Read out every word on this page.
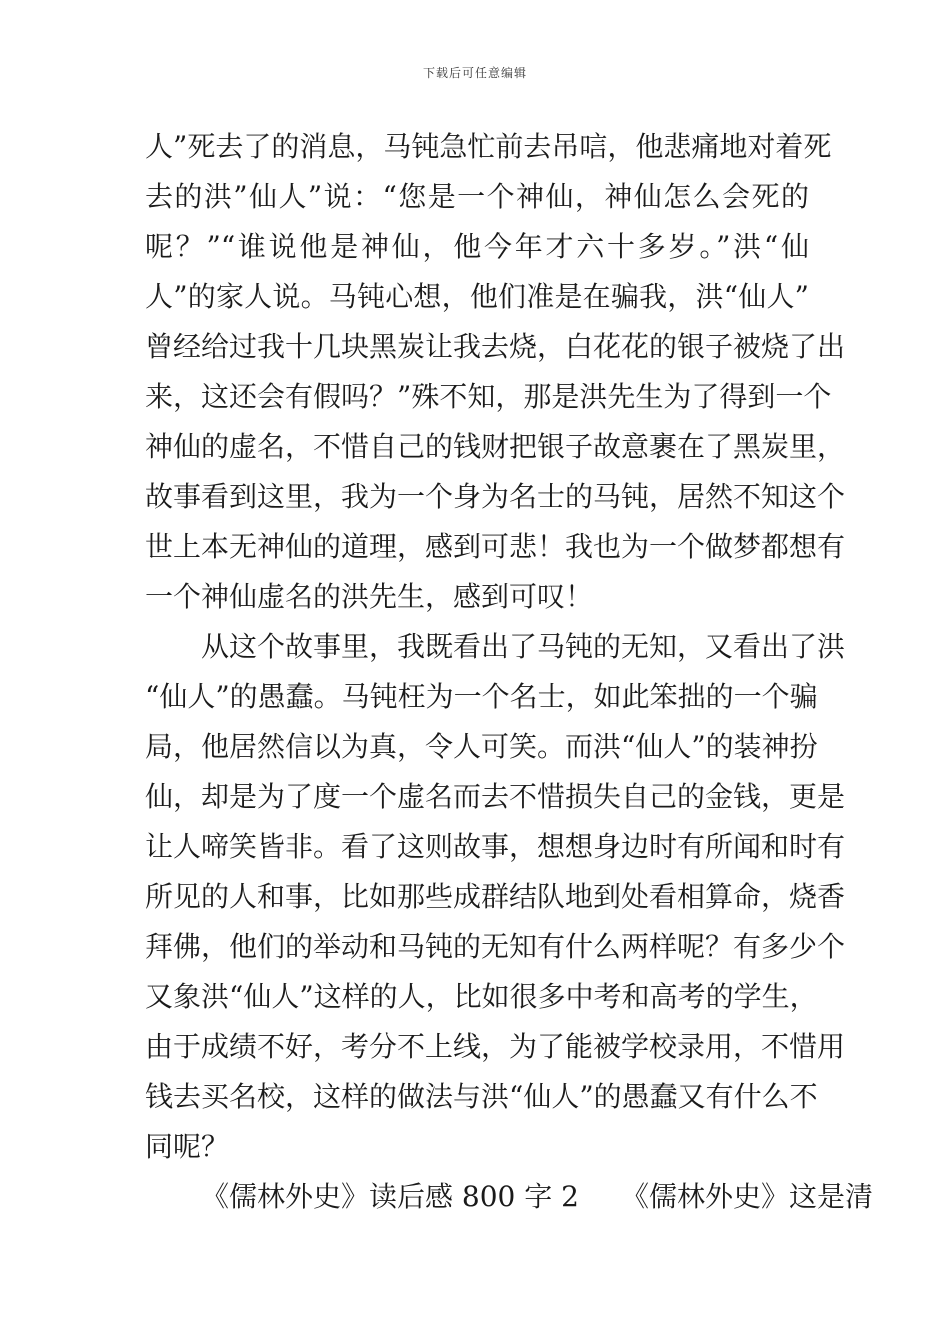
下载后可任意编辑
人”死去了的消息，马钝急忙前去吊唁，他悲痛地对着死
去的洪”仙人”说：“您是一个神仙，神仙怎么会死的
呢？”“谁说他是神仙，他今年才六十多岁。”洪“仙
人”的家人说。马钝心想，他们准是在骗我，洪“仙人”
曾经给过我十几块黑炭让我去烧，白花花的银子被烧了出
来，这还会有假吗？”殊不知，那是洪先生为了得到一个
神仙的虚名，不惜自己的钱财把银子故意裹在了黑炭里，
故事看到这里，我为一个身为名士的马钝，居然不知这个
世上本无神仙的道理，感到可悲！我也为一个做梦都想有
一个神仙虚名的洪先生，感到可叹！
从这个故事里，我既看出了马钝的无知，又看出了洪
“仙人”的愚蠢。马钝枉为一个名士，如此笨拙的一个骗
局，他居然信以为真，令人可笑。而洪“仙人”的装神扮
仙，却是为了度一个虚名而去不惜损失自己的金钱，更是
让人啼笑皆非。看了这则故事，想想身边时有所闻和时有
所见的人和事，比如那些成群结队地到处看相算命，烧香
拜佛，他们的举动和马钝的无知有什么两样呢？有多少个
又象洪“仙人”这样的人，比如很多中考和高考的学生，
由于成绩不好，考分不上线，为了能被学校录用，不惜用
钱去买名校，这样的做法与洪“仙人”的愚蠢又有什么不
同呢？
《儒林外史》读后感 800 字 2　　《儒林外史》这是清
